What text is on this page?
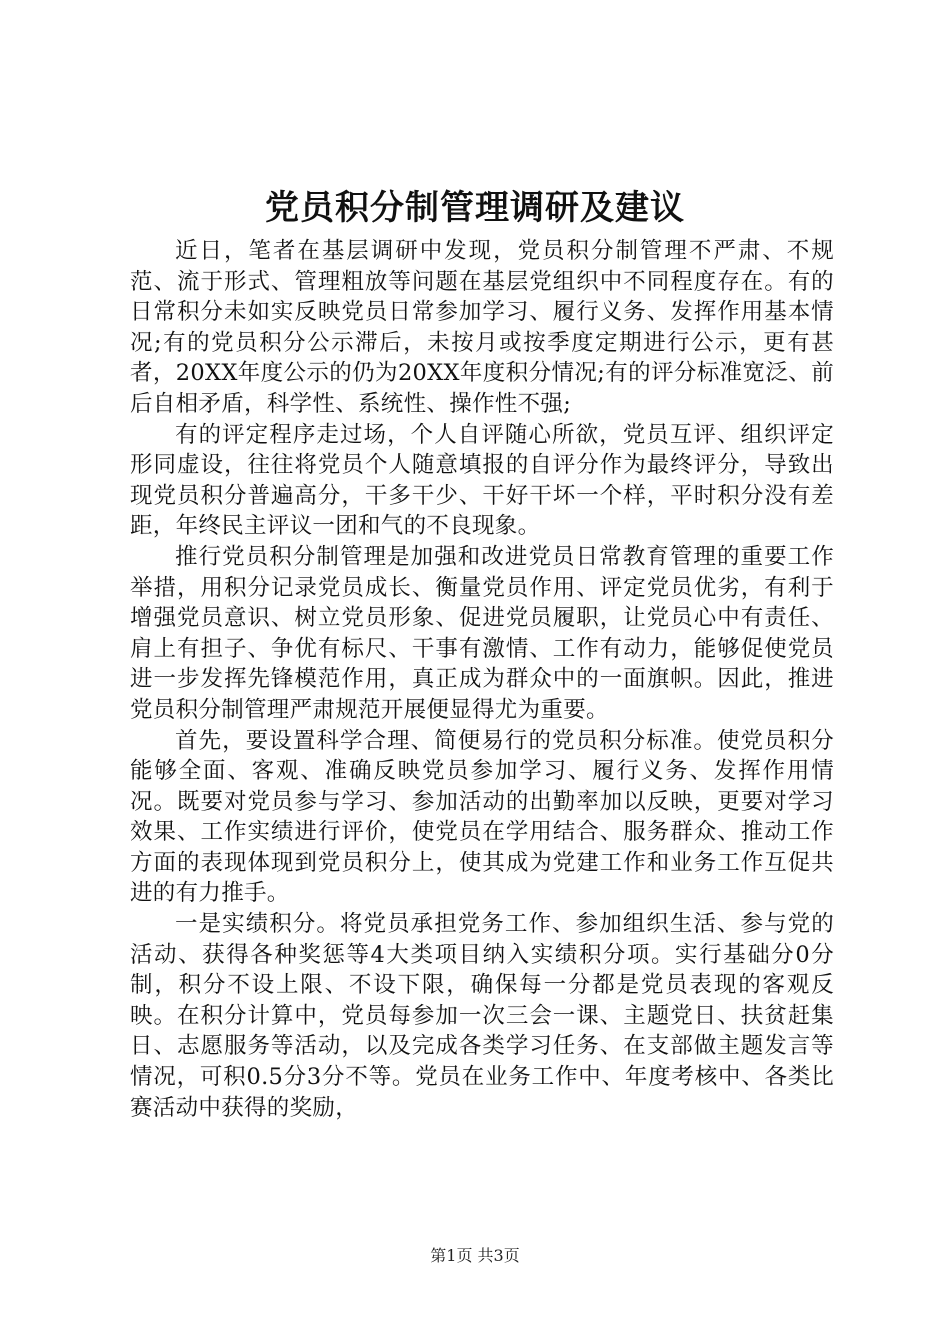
党员积分制管理调研及建议

近日，笔者在基层调研中发现，党员积分制管理不严肃、不规范、流于形式、管理粗放等问题在基层党组织中不同程度存在。有的日常积分未如实反映党员日常参加学习、履行义务、发挥作用基本情况;有的党员积分公示滞后，未按月或按季度定期进行公示，更有甚者，20XX年度公示的仍为20XX年度积分情况;有的评分标准宽泛、前后自相矛盾，科学性、系统性、操作性不强;

有的评定程序走过场，个人自评随心所欲，党员互评、组织评定形同虚设，往往将党员个人随意填报的自评分作为最终评分，导致出现党员积分普遍高分，干多干少、干好干坏一个样，平时积分没有差距，年终民主评议一团和气的不良现象。

推行党员积分制管理是加强和改进党员日常教育管理的重要工作举措，用积分记录党员成长、衡量党员作用、评定党员优劣，有利于增强党员意识、树立党员形象、促进党员履职，让党员心中有责任、肩上有担子、争优有标尺、干事有激情、工作有动力，能够促使党员进一步发挥先锋模范作用，真正成为群众中的一面旗帜。因此，推进党员积分制管理严肃规范开展便显得尤为重要。

首先，要设置科学合理、简便易行的党员积分标准。使党员积分能够全面、客观、准确反映党员参加学习、履行义务、发挥作用情况。既要对党员参与学习、参加活动的出勤率加以反映，更要对学习效果、工作实绩进行评价，使党员在学用结合、服务群众、推动工作方面的表现体现到党员积分上，使其成为党建工作和业务工作互促共进的有力推手。

一是实绩积分。将党员承担党务工作、参加组织生活、参与党的活动、获得各种奖惩等4大类项目纳入实绩积分项。实行基础分0分制，积分不设上限、不设下限，确保每一分都是党员表现的客观反映。在积分计算中，党员每参加一次三会一课、主题党日、扶贫赶集日、志愿服务等活动，以及完成各类学习任务、在支部做主题发言等情况，可积0.5分3分不等。党员在业务工作中、年度考核中、各类比赛活动中获得的奖励，

第1页 共3页
